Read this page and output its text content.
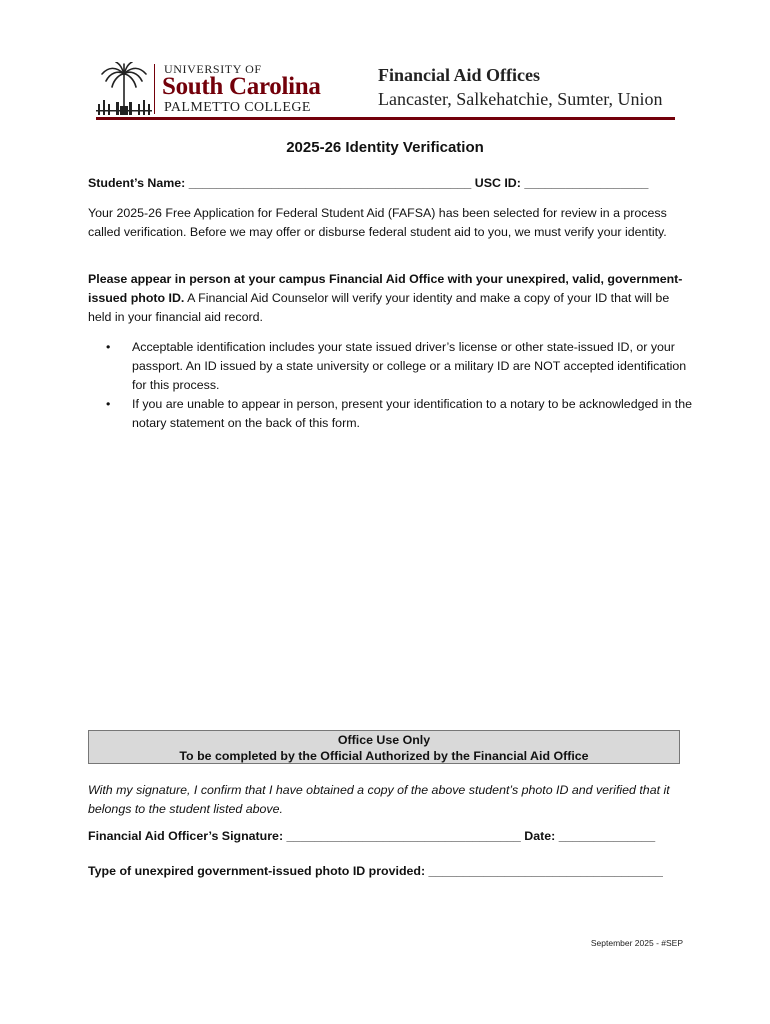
UNIVERSITY OF
South Carolina
PALMETTO COLLEGE
Financial Aid Offices
Lancaster, Salkehatchie, Sumter, Union
2025-26 Identity Verification
Student’s Name: _________________________________________ USC ID: __________________
Your 2025-26 Free Application for Federal Student Aid (FAFSA) has been selected for review in a process called verification. Before we may offer or disburse federal student aid to you, we must verify your identity.
Please appear in person at your campus Financial Aid Office with your unexpired, valid, government-issued photo ID. A Financial Aid Counselor will verify your identity and make a copy of your ID that will be held in your financial aid record.
• Acceptable identification includes your state issued driver’s license or other state-issued ID, or your passport. An ID issued by a state university or college or a military ID are NOT accepted identification for this process.
• If you are unable to appear in person, present your identification to a notary to be acknowledged in the notary statement on the back of this form.
Office Use Only
To be completed by the Official Authorized by the Financial Aid Office
With my signature, I confirm that I have obtained a copy of the above student’s photo ID and verified that it belongs to the student listed above.
Financial Aid Officer’s Signature: __________________________________ Date: ______________
Type of unexpired government-issued photo ID provided: __________________________________
September 2025 - #SEP
